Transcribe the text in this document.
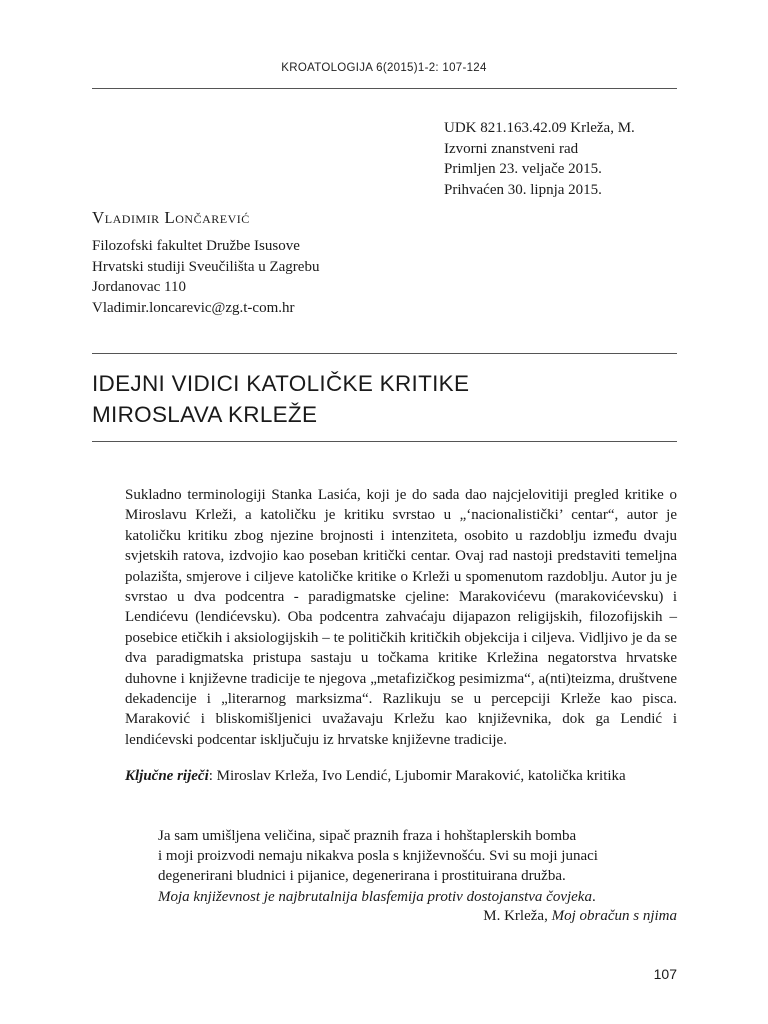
KROATOLOGIJA 6(2015)1-2: 107-124
UDK 821.163.42.09 Krleža, M.
Izvorni znanstveni rad
Primljen 23. veljače 2015.
Prihvaćen 30. lipnja 2015.
Vladimir Lončarević
Filozofski fakultet Družbe Isusove
Hrvatski studiji Sveučilišta u Zagrebu
Jordanovac 110
Vladimir.loncarevic@zg.t-com.hr
IDEJNI VIDICI KATOLIČKE KRITIKE
MIROSLAVA KRLEŽE
Sukladno terminologiji Stanka Lasića, koji je do sada dao najcjelovitiji pregled kritike o Miroslavu Krleži, a katoličku je kritiku svrstao u „‘nacionalistički’ centar“, autor je katoličku kritiku zbog njezine brojnosti i intenziteta, osobito u razdoblju između dvaju svjetskih ratova, izdvojio kao poseban kritički centar. Ovaj rad nastoji predstaviti temeljna polazišta, smjerove i ciljeve katoličke kritike o Krleži u spomenutom razdoblju. Autor ju je svrstao u dva podcentra - paradigmatske cjeline: Marakovićevu (marakovićevsku) i Lendićevu (lendićevsku). Oba podcentra zahvaćaju dijapazon religijskih, filozofijskih – posebice etičkih i aksiologijskih – te političkih kritičkih objekcija i ciljeva. Vidljivo je da se dva paradigmatska pristupa sastaju u točkama kritike Krležina negatorstva hrvatske duhovne i književne tradicije te njegova „metafizičkog pesimizma“, a(nti)teizma, društvene dekadencije i „literarnog marksizma“. Razlikuju se u percepciji Krleže kao pisca. Maraković i bliskomišljenici uvažavaju Krležu kao književnika, dok ga Lendić i lendićevski podcentar isključuju iz hrvatske književne tradicije.
Ključne riječi: Miroslav Krleža, Ivo Lendić, Ljubomir Maraković, katolička kritika
Ja sam umišljena veličina, sipač praznih fraza i hohštaplerskih bomba
i moji proizvodi nemaju nikakva posla s književnošću. Svi su moji junaci
degenerirani bludnici i pijanice, degenerirana i prostituirana družba.
Moja književnost je najbrutalnija blasfemija protiv dostojanstva čovjeka.
M. Krleža, Moj obračun s njima
107
